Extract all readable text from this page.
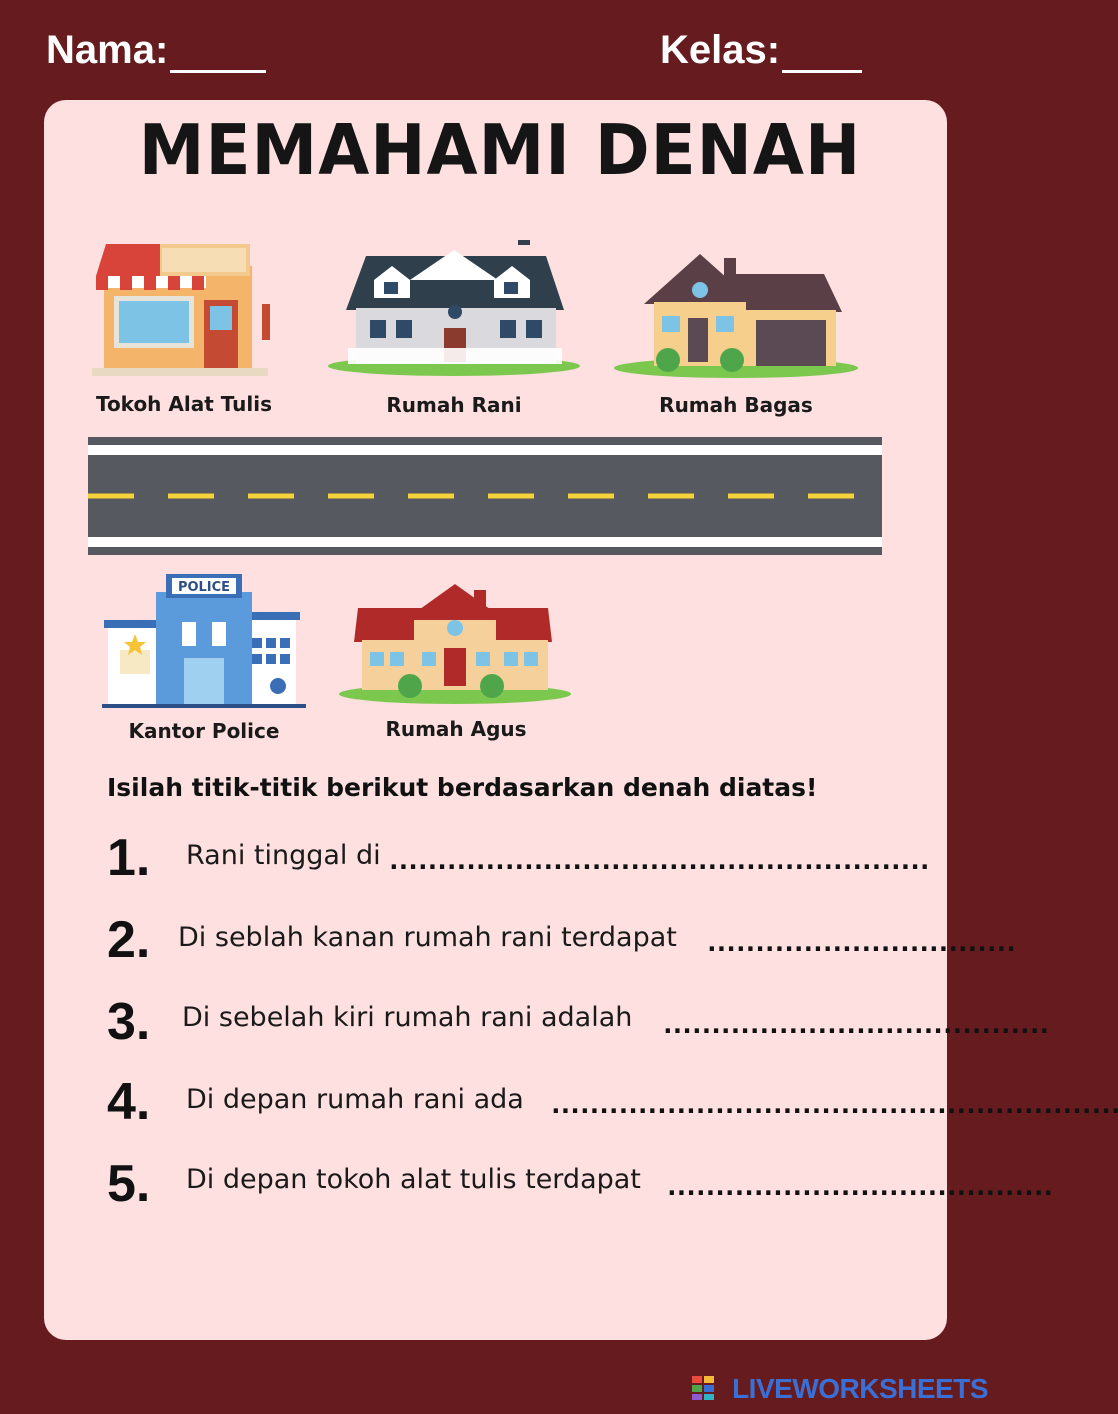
Nama:	Kelas:
MEMAHAMI DENAH
Tokoh Alat Tulis	Rumah Rani	Rumah Bagas
POLICE
Kantor Police	Rumah Agus
Isilah titik-titik berikut berdasarkan denah diatas!
1. Rani tinggal di ........................................................
2. Di seblah kanan rumah rani terdapat ................................
3. Di sebelah kiri rumah rani adalah ........................................
4. Di depan rumah rani ada ...........................................................
5. Di depan tokoh alat tulis terdapat ........................................
LIVEWORKSHEETS
